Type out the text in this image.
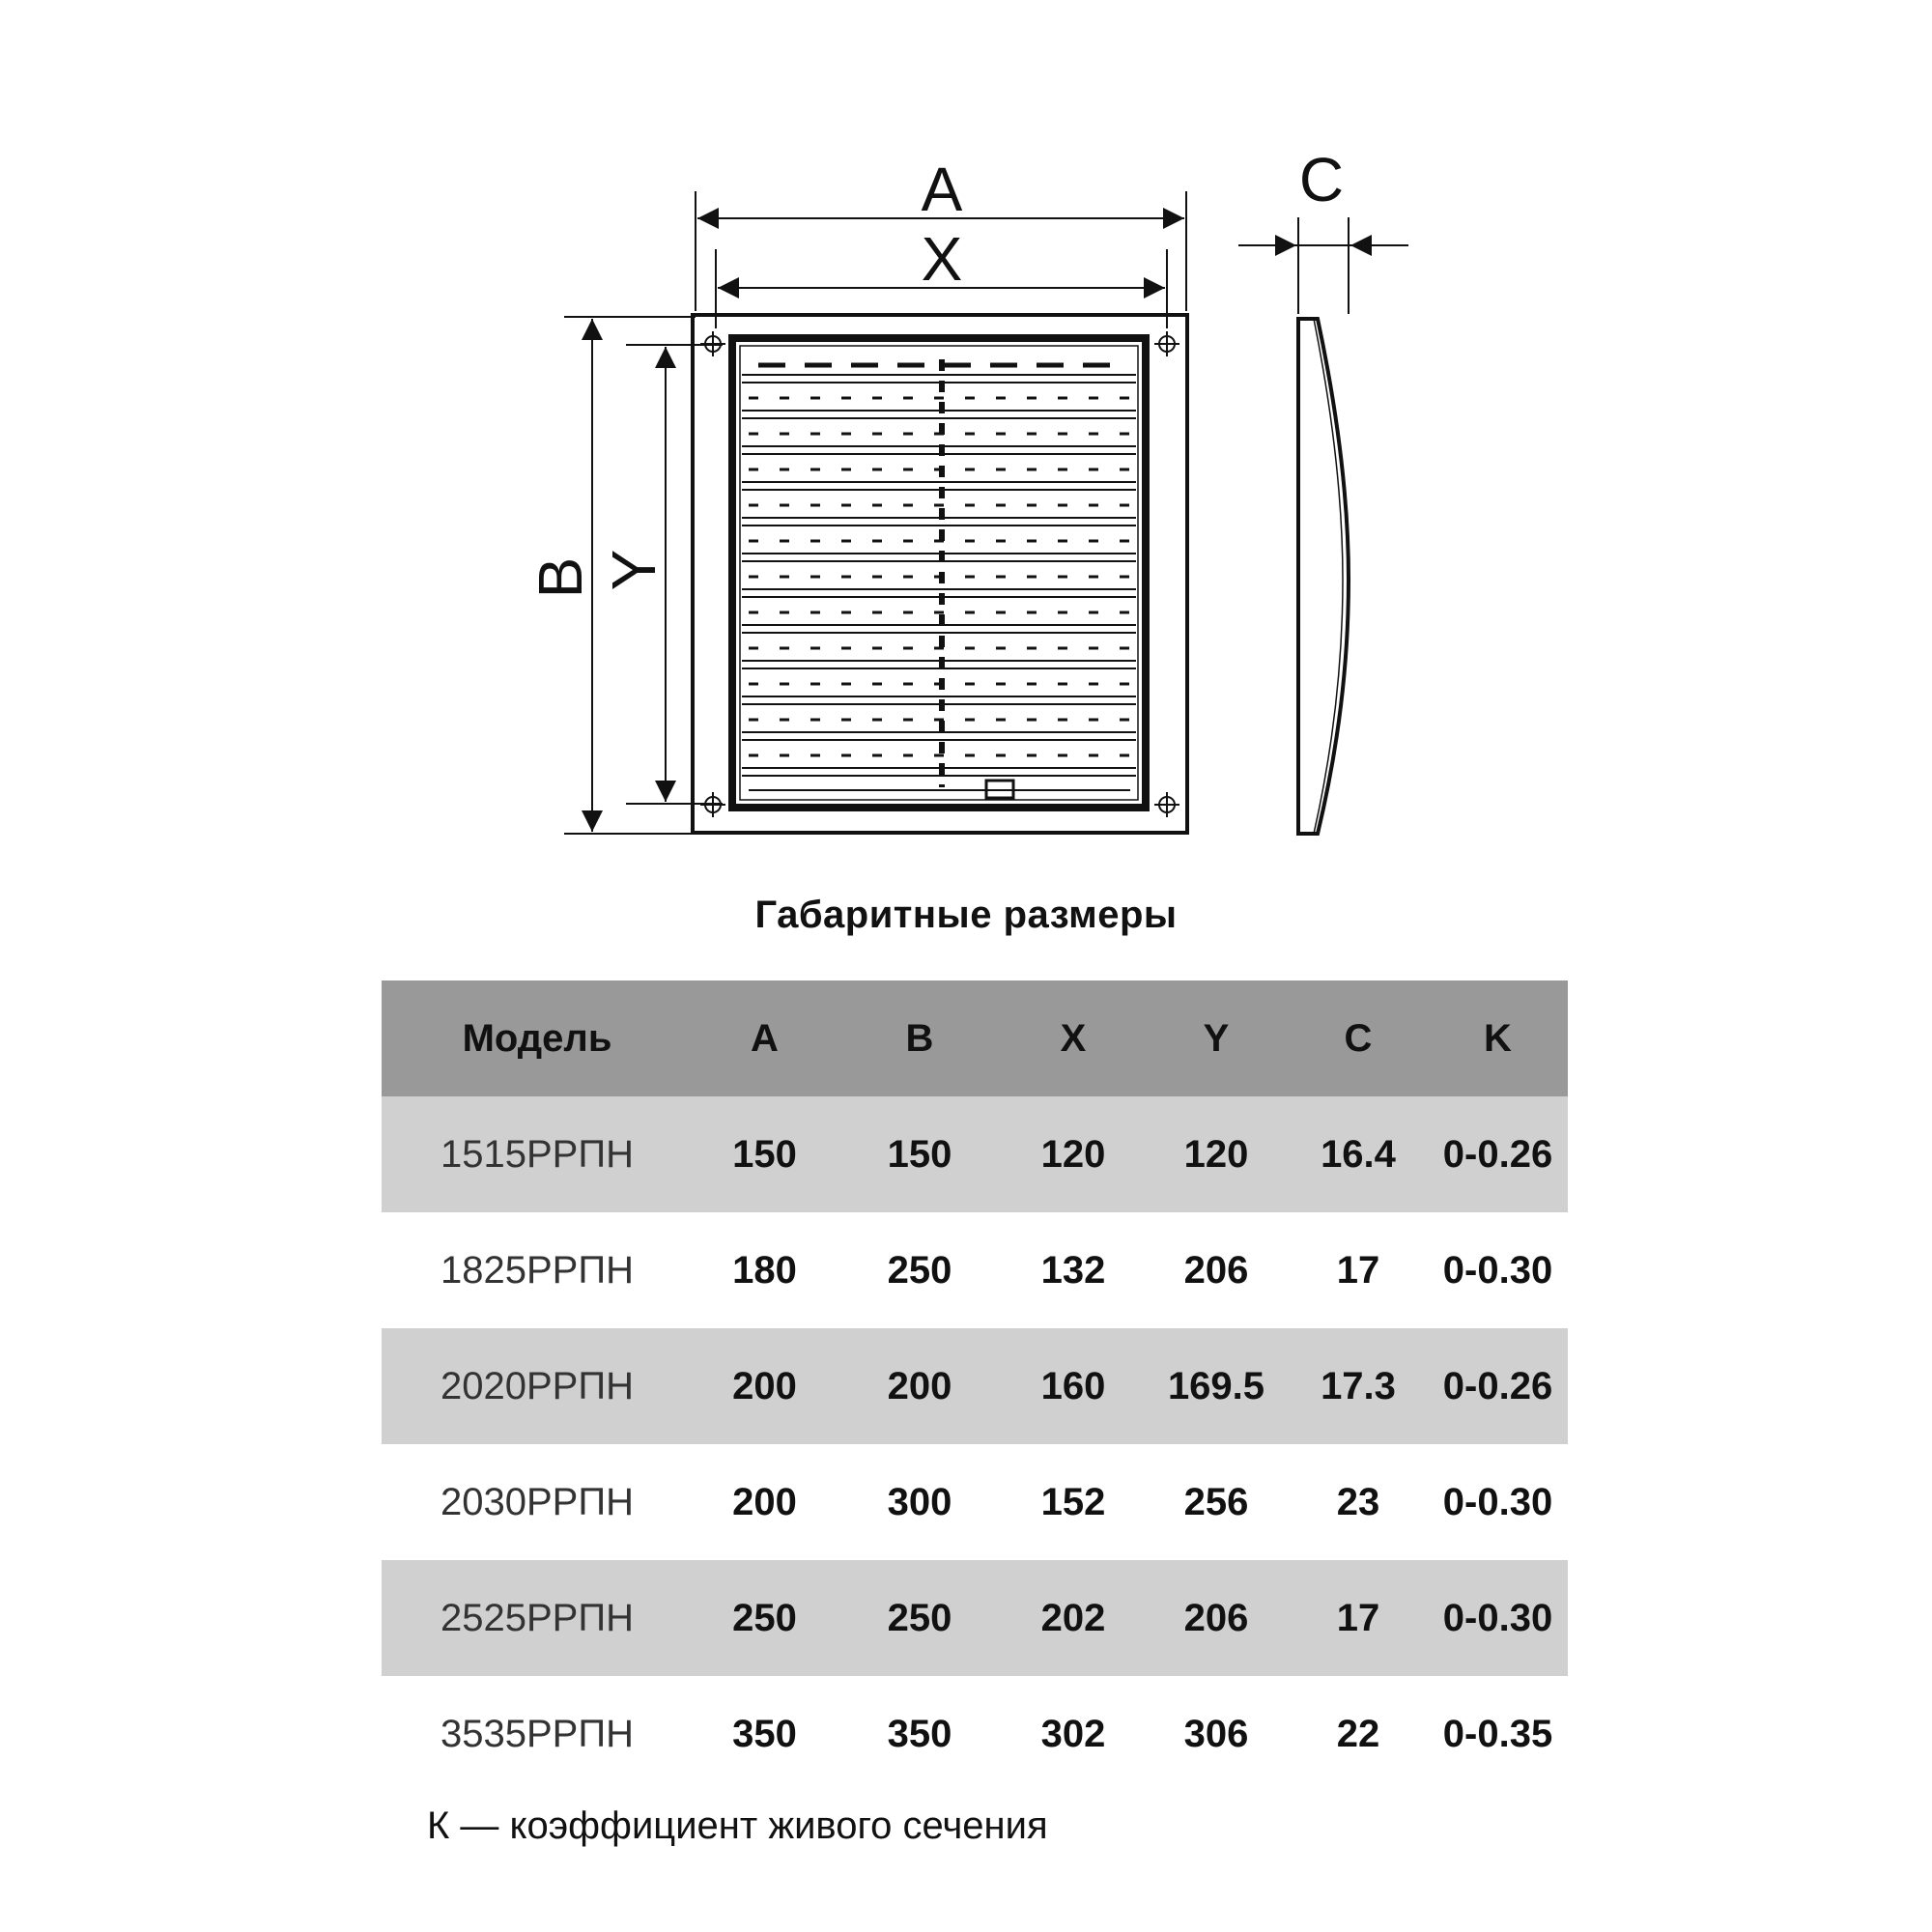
A
X
C
B Y
Габаритные размеры
Модель	A	B	X	Y	C	K
1515РРПН	150	150	120	120	16.4	0-0.26
1825РРПН	180	250	132	206	17	0-0.30
2020РРПН	200	200	160	169.5	17.3	0-0.26
2030РРПН	200	300	152	256	23	0-0.30
2525РРПН	250	250	202	206	17	0-0.30
3535РРПН	350	350	302	306	22	0-0.35
К — коэффициент живого сечения
